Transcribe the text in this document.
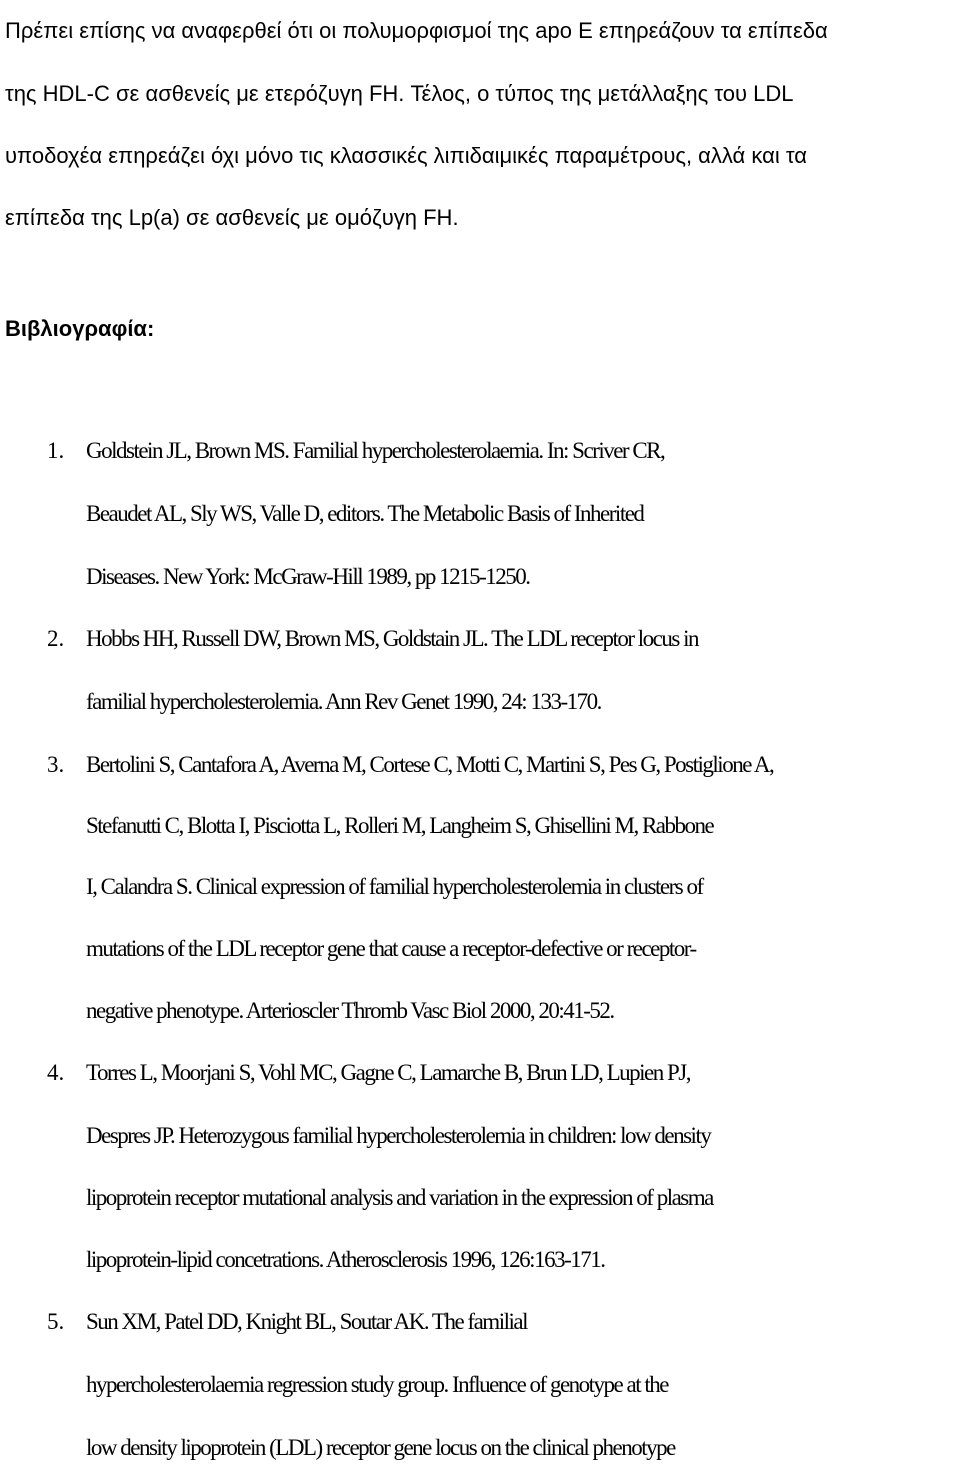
Πρέπει επίσης να αναφερθεί ότι οι πολυμορφισμοί της apo E επηρεάζουν τα επίπεδα
της HDL-C σε ασθενείς με ετερόζυγη FH. Τέλος, ο τύπος της μετάλλαξης του LDL
υποδοχέα επηρεάζει όχι μόνο τις κλασσικές λιπιδαιμικές παραμέτρους, αλλά και τα
επίπεδα της Lp(a) σε ασθενείς με ομόζυγη FH.
Βιβλιογραφία:
1. Goldstein JL, Brown MS. Familial hypercholesterolaemia. In: Scriver CR,
Beaudet AL, Sly WS, Valle D, editors. The Metabolic Basis of Inherited
Diseases. New York: McGraw-Hill 1989, pp 1215-1250.
2. Hobbs HH, Russell DW, Brown MS, Goldstain JL. The LDL receptor locus in
familial hypercholesterolemia. Ann Rev Genet 1990, 24: 133-170.
3. Bertolini S, Cantafora A, Averna M, Cortese C, Motti C, Martini S, Pes G, Postiglione A,
Stefanutti C, Blotta I, Pisciotta L, Rolleri M, Langheim S, Ghisellini M, Rabbone
I, Calandra S. Clinical expression of familial hypercholesterolemia in clusters of
mutations of the LDL receptor gene that cause a receptor-defective or receptor-
negative phenotype. Arterioscler Thromb Vasc Biol 2000, 20:41-52.
4. Torres L, Moorjani S, Vohl MC, Gagne C, Lamarche B, Brun LD, Lupien PJ,
Despres JP. Heterozygous familial hypercholesterolemia in children: low density
lipoprotein receptor mutational analysis and variation in the expression of plasma
lipoprotein-lipid concetrations. Atherosclerosis 1996, 126:163-171.
5. Sun XM, Patel DD, Knight BL, Soutar AK. The familial
hypercholesterolaemia regression study group. Influence of genotype at the
low density lipoprotein (LDL) receptor gene locus on the clinical phenotype
